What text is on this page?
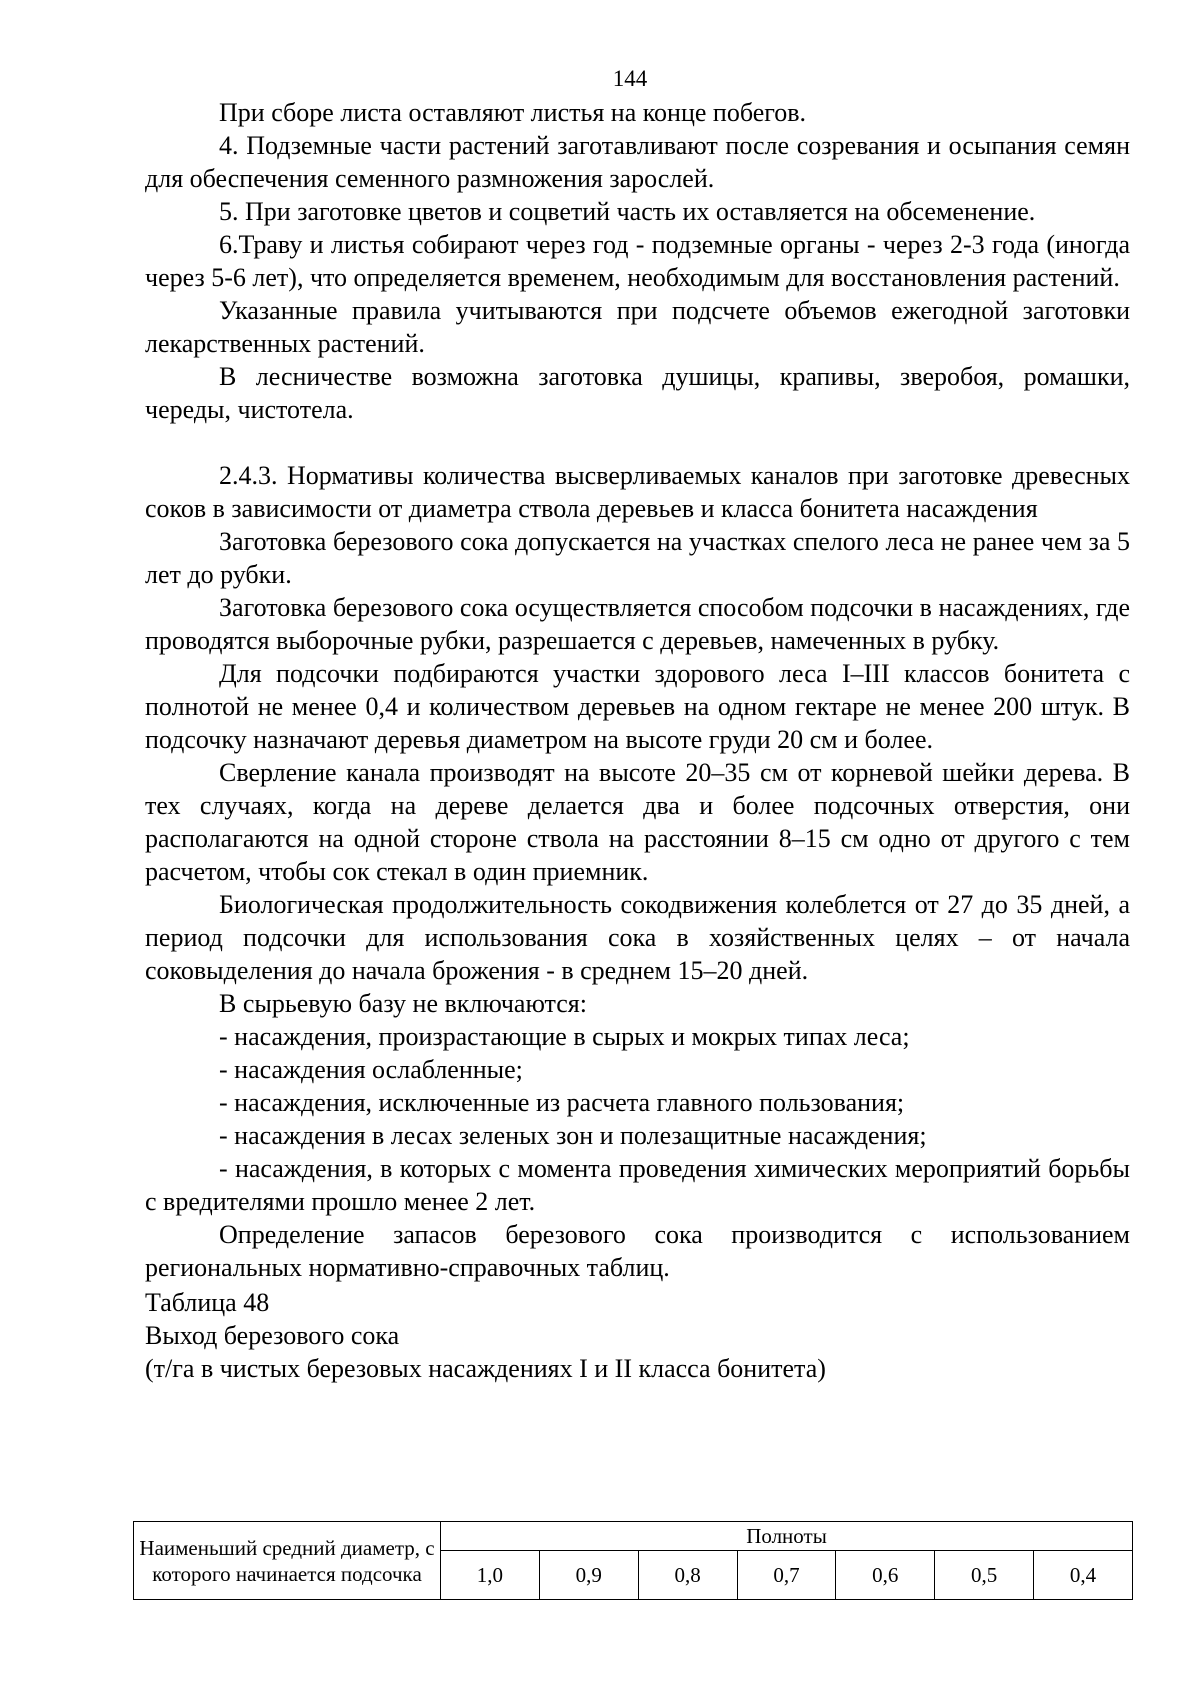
144

При сборе листа оставляют листья на конце побегов.

4. Подземные части растений заготавливают после созревания и осыпания семян для обеспечения семенного размножения зарослей.

5. При заготовке цветов и соцветий часть их оставляется на обсеменение.

6.Траву и листья собирают через год - подземные органы - через 2-3 года (иногда через 5-6 лет), что определяется временем, необходимым для восстановления растений.

Указанные правила учитываются при подсчете объемов ежегодной заготовки лекарственных растений.

В лесничестве возможна заготовка душицы, крапивы, зверобоя, ромашки, череды, чистотела.

2.4.3. Нормативы количества высверливаемых каналов при заготовке древесных соков в зависимости от диаметра ствола деревьев и класса бонитета насаждения

Заготовка березового сока допускается на участках спелого леса не ранее чем за 5 лет до рубки.

Заготовка березового сока осуществляется способом подсочки в насаждениях, где проводятся выборочные рубки, разрешается с деревьев, намеченных в рубку.

Для подсочки подбираются участки здорового леса I–III классов бонитета с полнотой не менее 0,4 и количеством деревьев на одном гектаре не менее 200 штук. В подсочку назначают деревья диаметром на высоте груди 20 см и более.

Сверление канала производят на высоте 20–35 см от корневой шейки дерева. В тех случаях, когда на дереве делается два и более подсочных отверстия, они располагаются на одной стороне ствола на расстоянии 8–15 см одно от другого с тем расчетом, чтобы сок стекал в один приемник.

Биологическая продолжительность сокодвижения колеблется от 27 до 35 дней, а период подсочки для использования сока в хозяйственных целях – от начала соковыделения до начала брожения - в среднем 15–20 дней.

В сырьевую базу не включаются:

- насаждения, произрастающие в сырых и мокрых типах леса;

- насаждения ослабленные;

- насаждения, исключенные из расчета главного пользования;

- насаждения в лесах зеленых зон и полезащитные насаждения;

- насаждения, в которых с момента проведения химических мероприятий борьбы с вредителями прошло менее 2 лет.

Определение запасов березового сока производится с использованием региональных нормативно-справочных таблиц.

Таблица 48

Выход березового сока

(т/га в чистых березовых насаждениях I и II класса бонитета)

Наименьший средний диаметр, с которого начинается подсочка	Полноты						
	1,0	0,9	0,8	0,7	0,6	0,5	0,4
